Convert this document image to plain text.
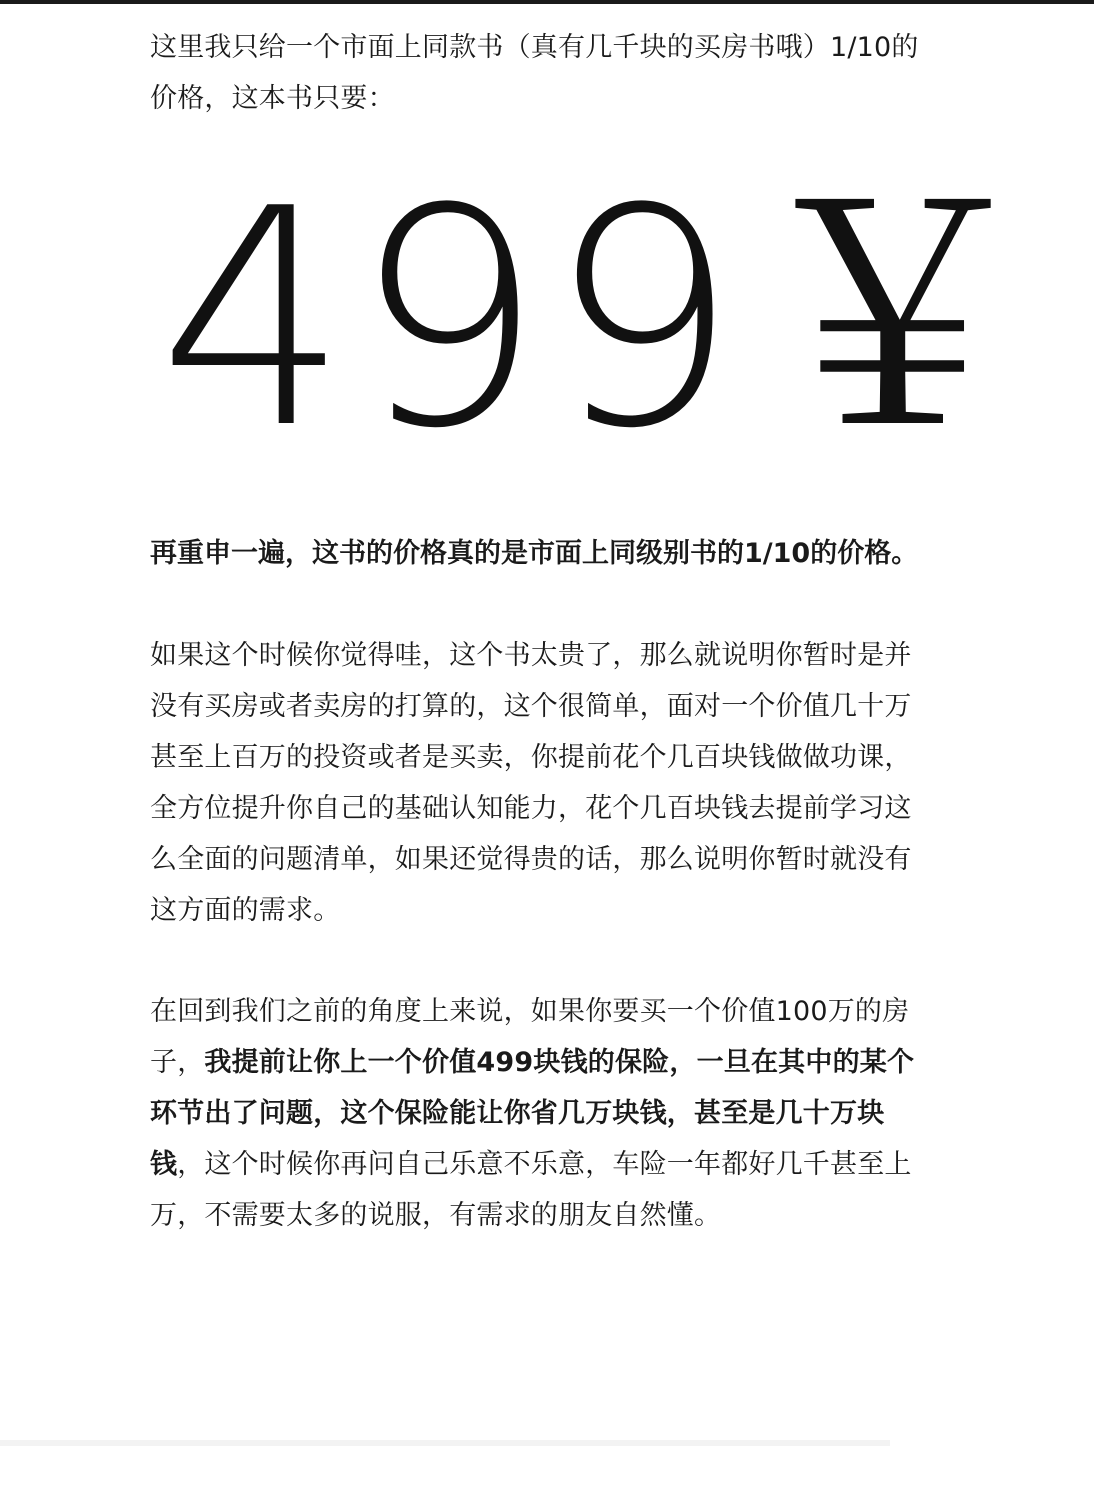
这里我只给一个市面上同款书（真有几千块的买房书哦）1/10的价格，这本书只要：

499￥

再重申一遍，这书的价格真的是市面上同级别书的1/10的价格。

如果这个时候你觉得哇，这个书太贵了，那么就说明你暂时是并没有买房或者卖房的打算的，这个很简单，面对一个价值几十万甚至上百万的投资或者是买卖，你提前花个几百块钱做做功课，全方位提升你自己的基础认知能力，花个几百块钱去提前学习这么全面的问题清单，如果还觉得贵的话，那么说明你暂时就没有这方面的需求。

在回到我们之前的角度上来说，如果你要买一个价值100万的房子，我提前让你上一个价值499块钱的保险，一旦在其中的某个环节出了问题，这个保险能让你省几万块钱，甚至是几十万块钱，这个时候你再问自己乐意不乐意，车险一年都好几千甚至上万，不需要太多的说服，有需求的朋友自然懂。
